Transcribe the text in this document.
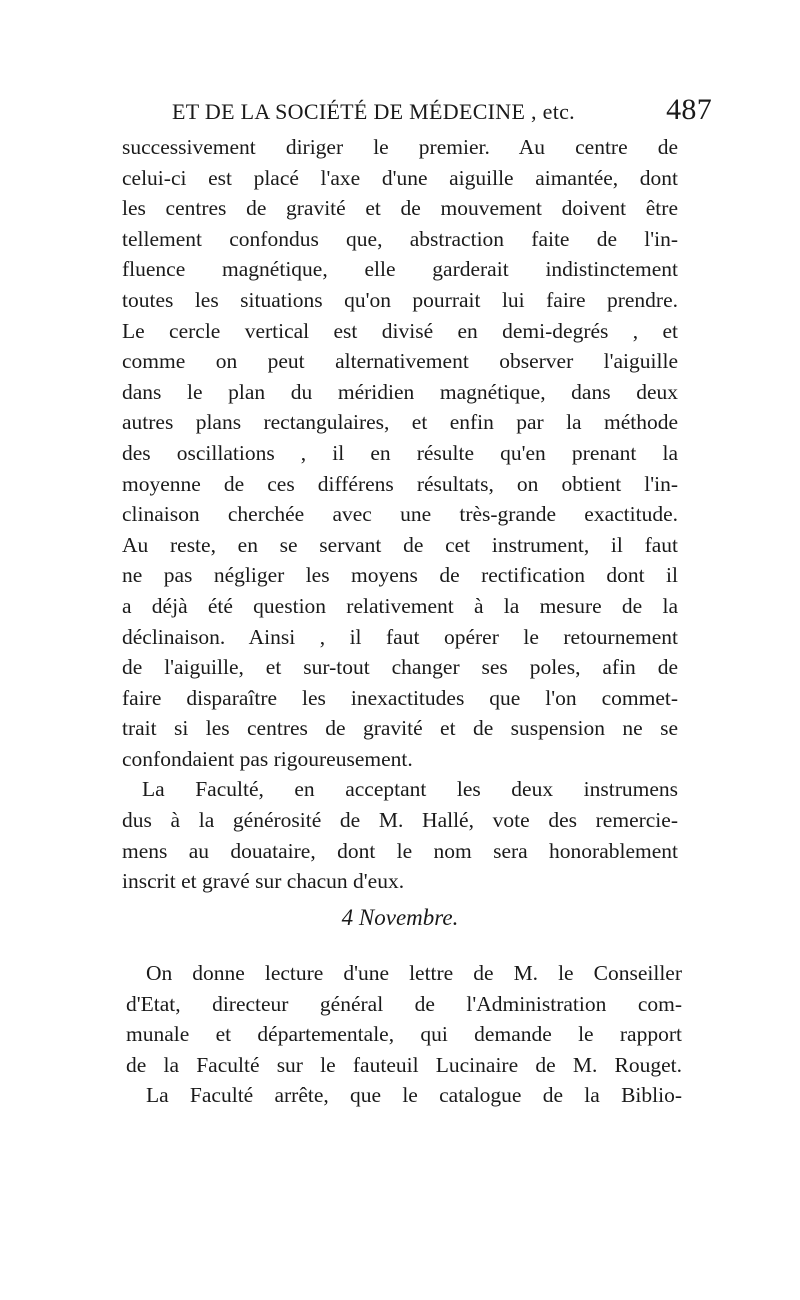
ET DE LA SOCIÉTÉ DE MÉDECINE , etc.	487
successivement diriger le premier. Au centre de
celui-ci est placé l'axe d'une aiguille aimantée, dont
les centres de gravité et de mouvement doivent être
tellement confondus que, abstraction faite de l'in-
fluence magnétique, elle garderait indistinctement
toutes les situations qu'on pourrait lui faire prendre.
Le cercle vertical est divisé en demi-degrés , et
comme on peut alternativement observer l'aiguille
dans le plan du méridien magnétique, dans deux
autres plans rectangulaires, et enfin par la méthode
des oscillations , il en résulte qu'en prenant la
moyenne de ces différens résultats, on obtient l'in-
clinaison cherchée avec une très-grande exactitude.
Au reste, en se servant de cet instrument, il faut
ne pas négliger les moyens de rectification dont il
a déjà été question relativement à la mesure de la
déclinaison. Ainsi , il faut opérer le retournement
de l'aiguille, et sur-tout changer ses poles, afin de
faire disparaître les inexactitudes que l'on commet-
trait si les centres de gravité et de suspension ne se
confondaient pas rigoureusement.
La Faculté, en acceptant les deux instrumens
dus à la générosité de M. Hallé, vote des remercie-
mens au douataire, dont le nom sera honorablement
inscrit et gravé sur chacun d'eux.
4 Novembre.
On donne lecture d'une lettre de M. le Conseiller
d'Etat, directeur général de l'Administration com-
munale et départementale, qui demande le rapport
de la Faculté sur le fauteuil Lucinaire de M. Rouget.
La Faculté arrête, que le catalogue de la Biblio-
